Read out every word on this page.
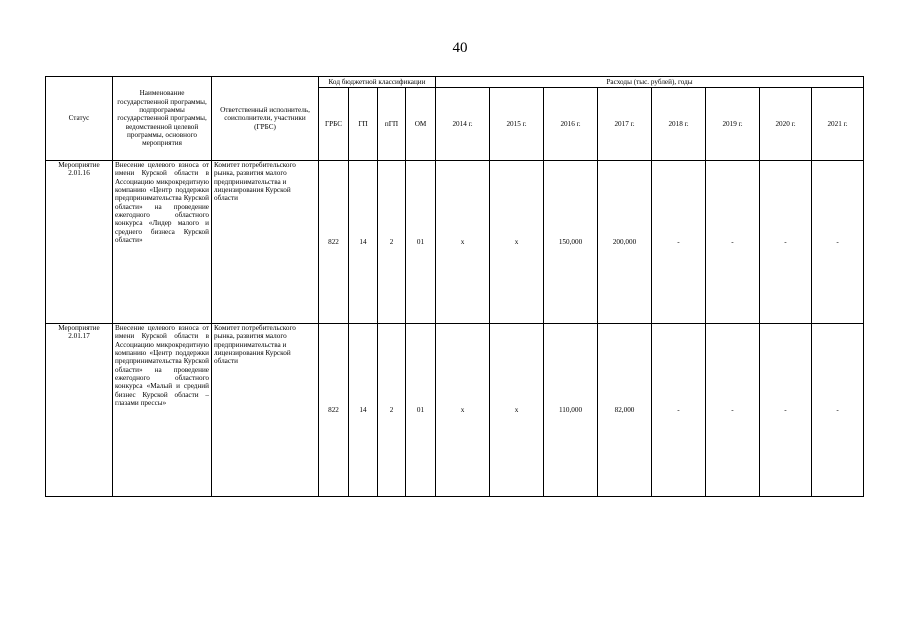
40
Статус	Наименование государственной программы, подпрограммы государственной программы, ведомственной целевой программы, основного мероприятия	Ответственный исполнитель, соисполнители, участники (ГРБС)	Код бюджетной классификации				Расходы (тыс. рублей), годы							
			ГРБС	ГП	пГП	ОМ	2014 г.	2015 г.	2016 г.	2017 г.	2018 г.	2019 г.	2020 г.	2021 г.
Мероприятие 2.01.16	Внесение целевого взноса от имени Курской области в Ассоциацию микрокредитную компанию «Центр поддержки предпринимательства Курской области» на проведение ежегодного областного конкурса «Лидер малого и среднего бизнеса Курской области»	Комитет потребительского рынка, развития малого предпринимательства и лицензирования Курской области	822	14	2	01	x	x	150,000	200,000	-	-	-	-
Мероприятие 2.01.17	Внесение целевого взноса от имени Курской области в Ассоциацию микрокредитную компанию «Центр поддержки предпринимательства Курской области» на проведение ежегодного областного конкурса «Малый и средний бизнес Курской области – глазами прессы»	Комитет потребительского рынка, развития малого предпринимательства и лицензирования Курской области	822	14	2	01	x	x	110,000	82,000	-	-	-	-
